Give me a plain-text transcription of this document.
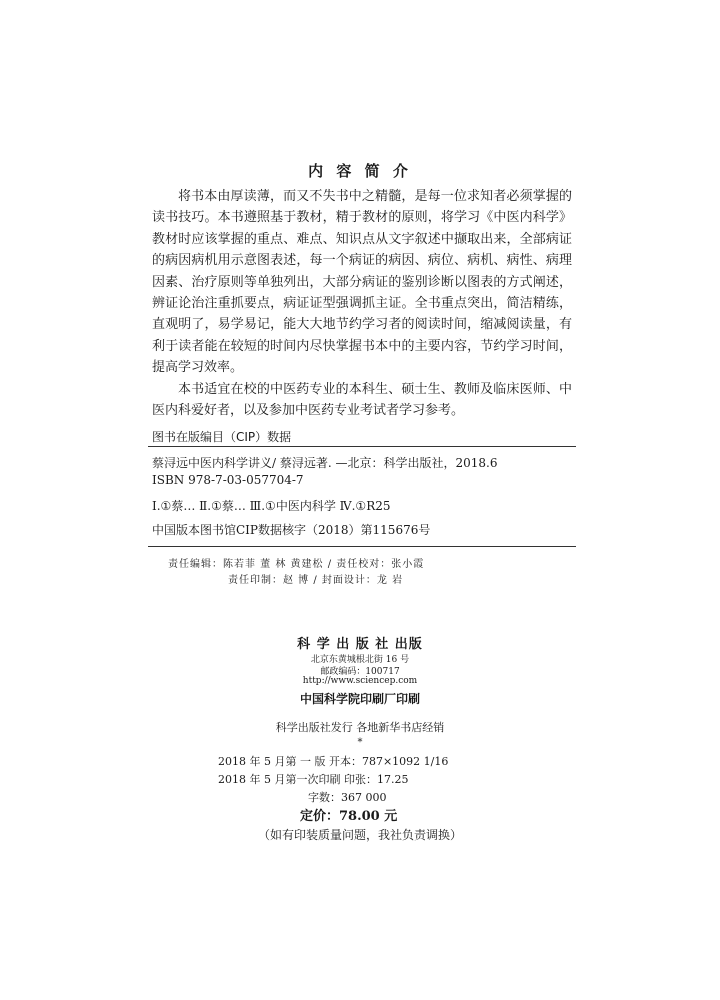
内 容 简 介

将书本由厚读薄，而又不失书中之精髓，是每一位求知者必须掌握的读书技巧。本书遵照基于教材，精于教材的原则，将学习《中医内科学》教材时应该掌握的重点、难点、知识点从文字叙述中撷取出来，全部病证的病因病机用示意图表述，每一个病证的病因、病位、病机、病性、病理因素、治疗原则等单独列出，大部分病证的鉴别诊断以图表的方式阐述，辨证论治注重抓要点，病证证型强调抓主证。全书重点突出，简洁精练，直观明了，易学易记，能大大地节约学习者的阅读时间，缩减阅读量，有利于读者能在较短的时间内尽快掌握书本中的主要内容，节约学习时间，提高学习效率。

本书适宜在校的中医药专业的本科生、硕士生、教师及临床医师、中医内科爱好者，以及参加中医药专业考试者学习参考。

图书在版编目（CIP）数据
蔡浔远中医内科学讲义/ 蔡浔远著. —北京：科学出版社，2018.6
ISBN 978-7-03-057704-7
Ⅰ.①蔡… Ⅱ.①蔡… Ⅲ.①中医内科学 Ⅳ.①R25
中国版本图书馆CIP数据核字（2018）第115676号
责任编辑：陈若菲 董 林 黄建松 / 责任校对：张小霞
责任印制：赵 博 / 封面设计：龙 岩
科 学 出 版 社 出版
北京东黄城根北街 16 号
邮政编码：100717
http://www.sciencep.com
中国科学院印刷厂印刷
科学出版社发行 各地新华书店经销
*
2018 年 5 月第 一 版 开本：787×1092 1/16
2018 年 5 月第一次印刷 印张：17.25
字数：367 000
定价：78.00 元
（如有印装质量问题，我社负责调换）
